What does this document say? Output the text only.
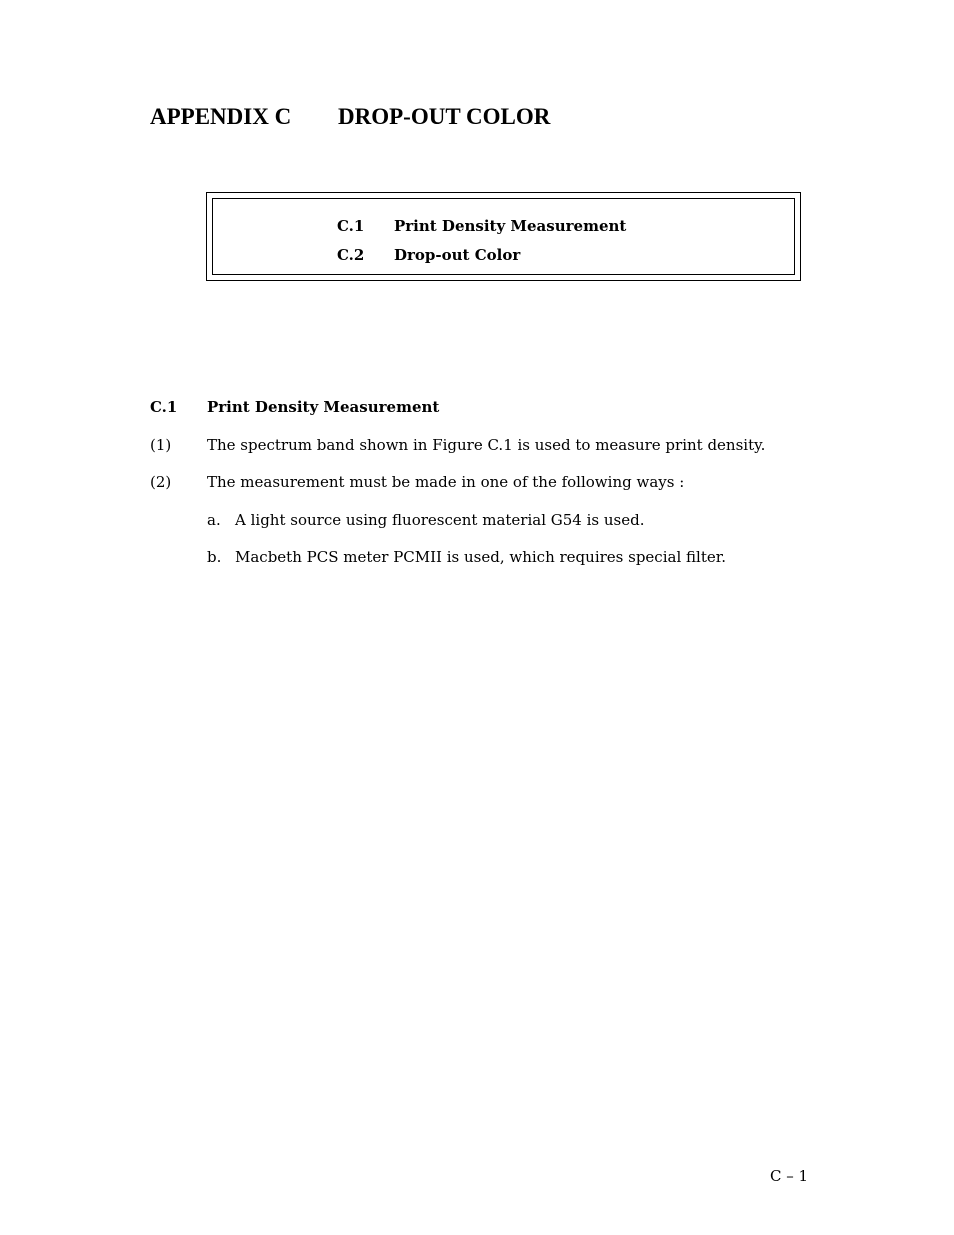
APPENDIX C DROP-OUT COLOR
C.1 Print Density Measurement
C.2 Drop-out Color
C.1 Print Density Measurement
(1) The spectrum band shown in Figure C.1 is used to measure print density.
(2) The measurement must be made in one of the following ways :
a. A light source using fluorescent material G54 is used.
b. Macbeth PCS meter PCMII is used, which requires special filter.
C – 1
